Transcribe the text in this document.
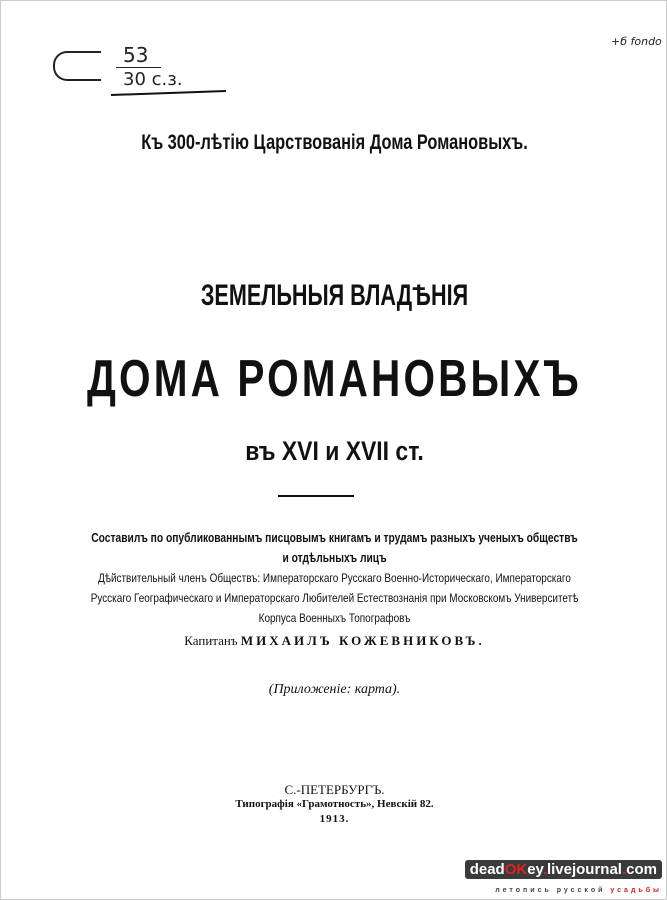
53
30 с.з.
+б fondo
Къ 300-лѣтію Царствованія Дома Романовыхъ.
ЗЕМЕЛЬНЫЯ ВЛАДѢНІЯ
ДОМА РОМАНОВЫХЪ
въ XVI и XVII ст.
Составилъ по опубликованнымъ писцовымъ книгамъ и трудамъ разныхъ ученыхъ обществъ
и отдѣльныхъ лицъ
Дѣйствительный членъ Обществъ: Императорскаго Русскаго Военно-Историческаго, Императорскаго
Русскаго Географическаго и Императорскаго Любителей Естествознанія при Московскомъ Университетѣ
Корпуса Военныхъ Топографовъ
Капитанъ МИХАИЛЪ КОЖЕВНИКОВЪ.
(Приложенiе: карта).
С.-ПЕТЕРБУРГЪ.
Типографія «Грамотность», Невскій 82.
1913.
deadOKey.livejournal.com
летопись русской усадьбы
